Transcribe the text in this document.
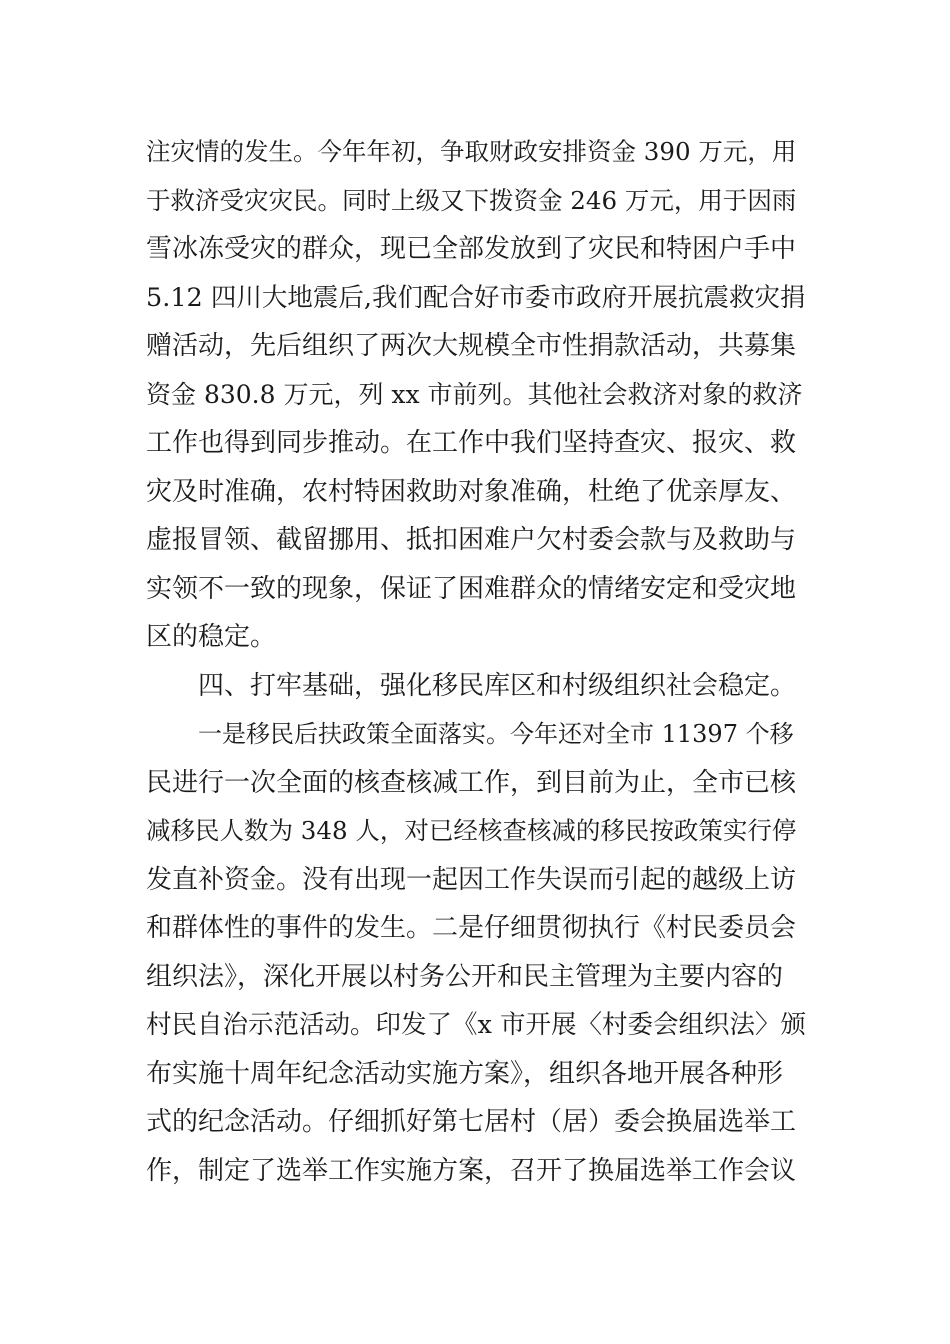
注灾情的发生。今年年初，争取财政安排资金 390 万元，用
于救济受灾灾民。同时上级又下拨资金 246 万元，用于因雨
雪冰冻受灾的群众，现已全部发放到了灾民和特困户手中
5.12 四川大地震后,我们配合好市委市政府开展抗震救灾捐
赠活动，先后组织了两次大规模全市性捐款活动，共募集
资金 830.8 万元，列 xx 市前列。其他社会救济对象的救济
工作也得到同步推动。在工作中我们坚持查灾、报灾、救
灾及时准确，农村特困救助对象准确，杜绝了优亲厚友、
虚报冒领、截留挪用、抵扣困难户欠村委会款与及救助与
实领不一致的现象，保证了困难群众的情绪安定和受灾地
区的稳定。
四、打牢基础，强化移民库区和村级组织社会稳定。
一是移民后扶政策全面落实。今年还对全市 11397 个移
民进行一次全面的核查核减工作，到目前为止，全市已核
减移民人数为 348 人，对已经核查核减的移民按政策实行停
发直补资金。没有出现一起因工作失误而引起的越级上访
和群体性的事件的发生。二是仔细贯彻执行《村民委员会
组织法》，深化开展以村务公开和民主管理为主要内容的
村民自治示范活动。印发了《x 市开展〈村委会组织法〉颁
布实施十周年纪念活动实施方案》，组织各地开展各种形
式的纪念活动。仔细抓好第七居村（居）委会换届选举工
作，制定了选举工作实施方案，召开了换届选举工作会议
